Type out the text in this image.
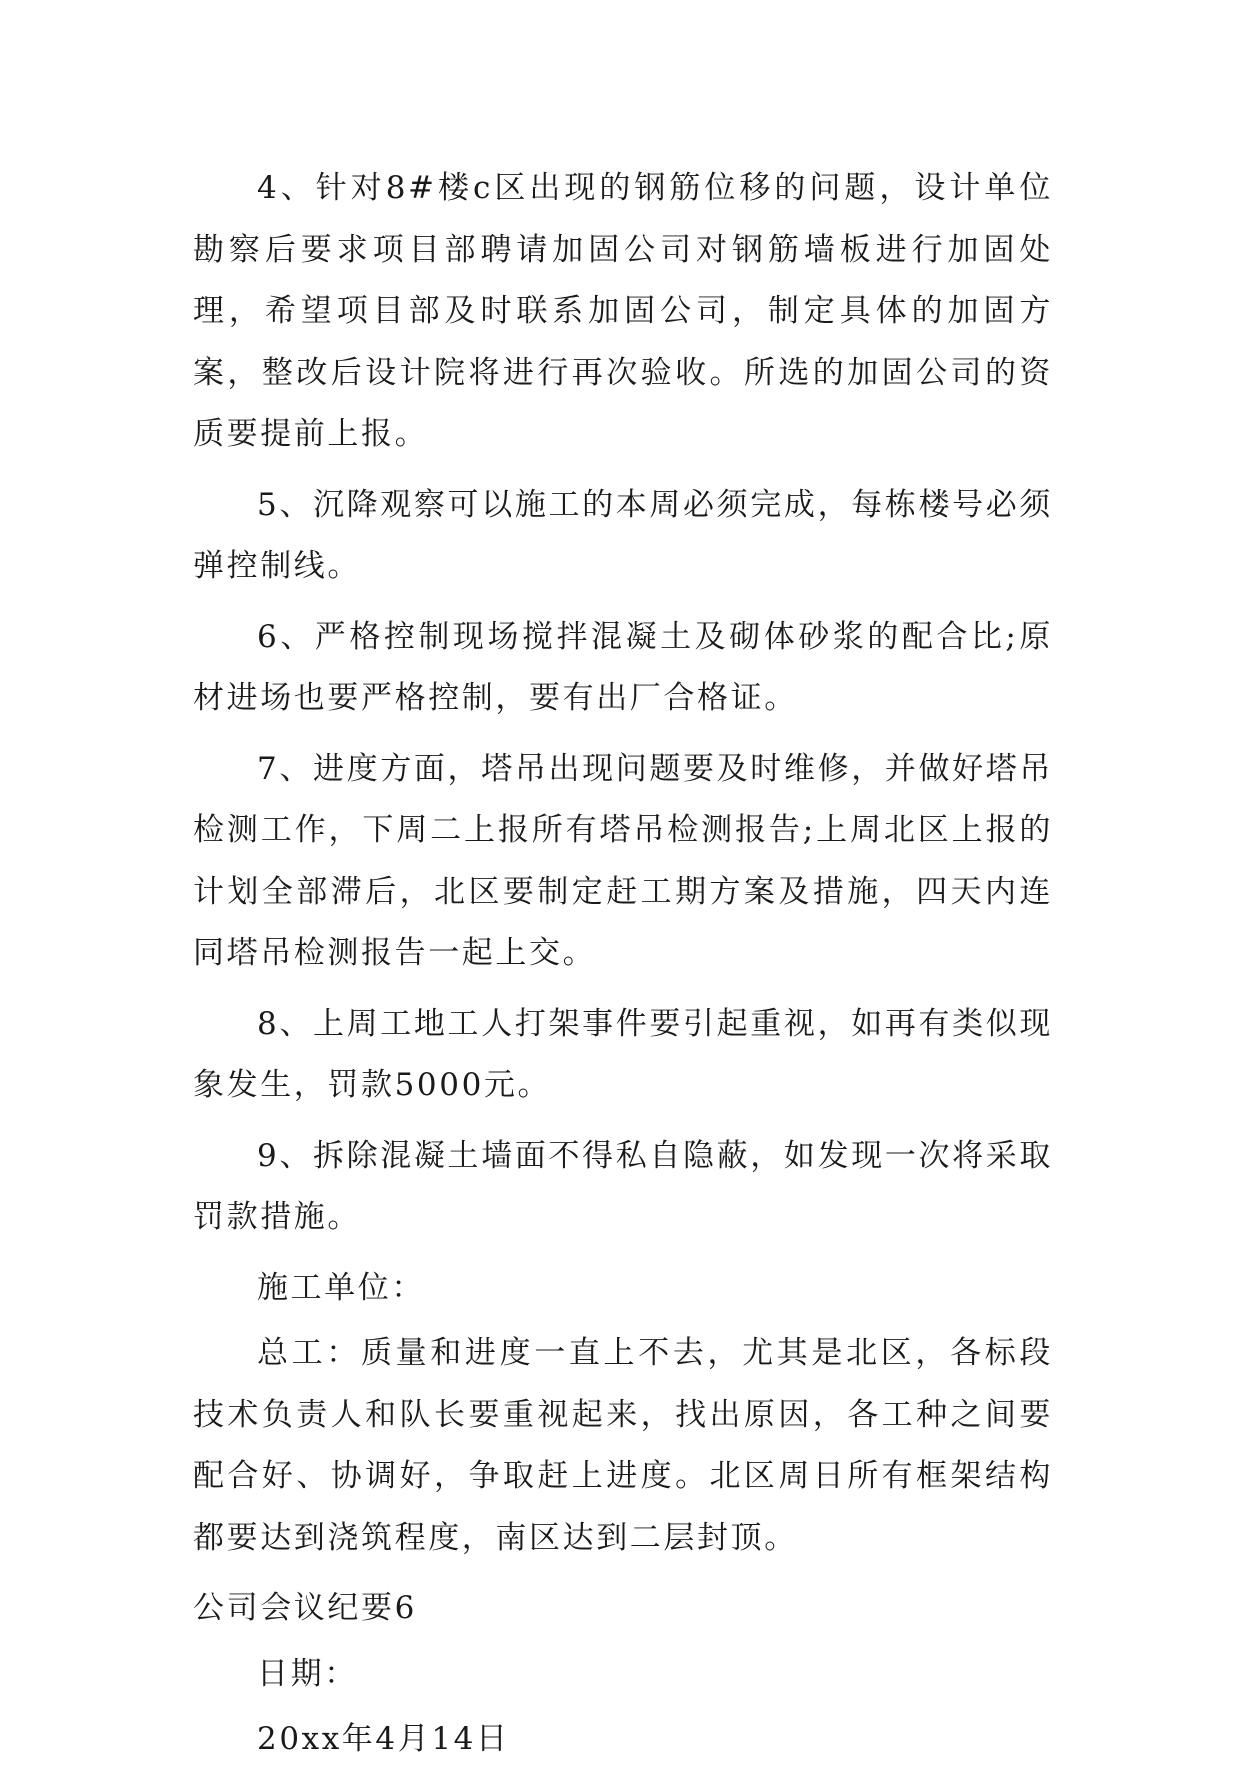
4、针对8#楼c区出现的钢筋位移的问题，设计单位勘察后要求项目部聘请加固公司对钢筋墙板进行加固处理，希望项目部及时联系加固公司，制定具体的加固方案，整改后设计院将进行再次验收。所选的加固公司的资质要提前上报。

5、沉降观察可以施工的本周必须完成，每栋楼号必须弹控制线。

6、严格控制现场搅拌混凝土及砌体砂浆的配合比;原材进场也要严格控制，要有出厂合格证。

7、进度方面，塔吊出现问题要及时维修，并做好塔吊检测工作，下周二上报所有塔吊检测报告;上周北区上报的计划全部滞后，北区要制定赶工期方案及措施，四天内连同塔吊检测报告一起上交。

8、上周工地工人打架事件要引起重视，如再有类似现象发生，罚款5000元。

9、拆除混凝土墙面不得私自隐蔽，如发现一次将采取罚款措施。

施工单位：

总工：质量和进度一直上不去，尤其是北区，各标段技术负责人和队长要重视起来，找出原因，各工种之间要配合好、协调好，争取赶上进度。北区周日所有框架结构都要达到浇筑程度，南区达到二层封顶。

公司会议纪要6

日期：

20xx年4月14日
